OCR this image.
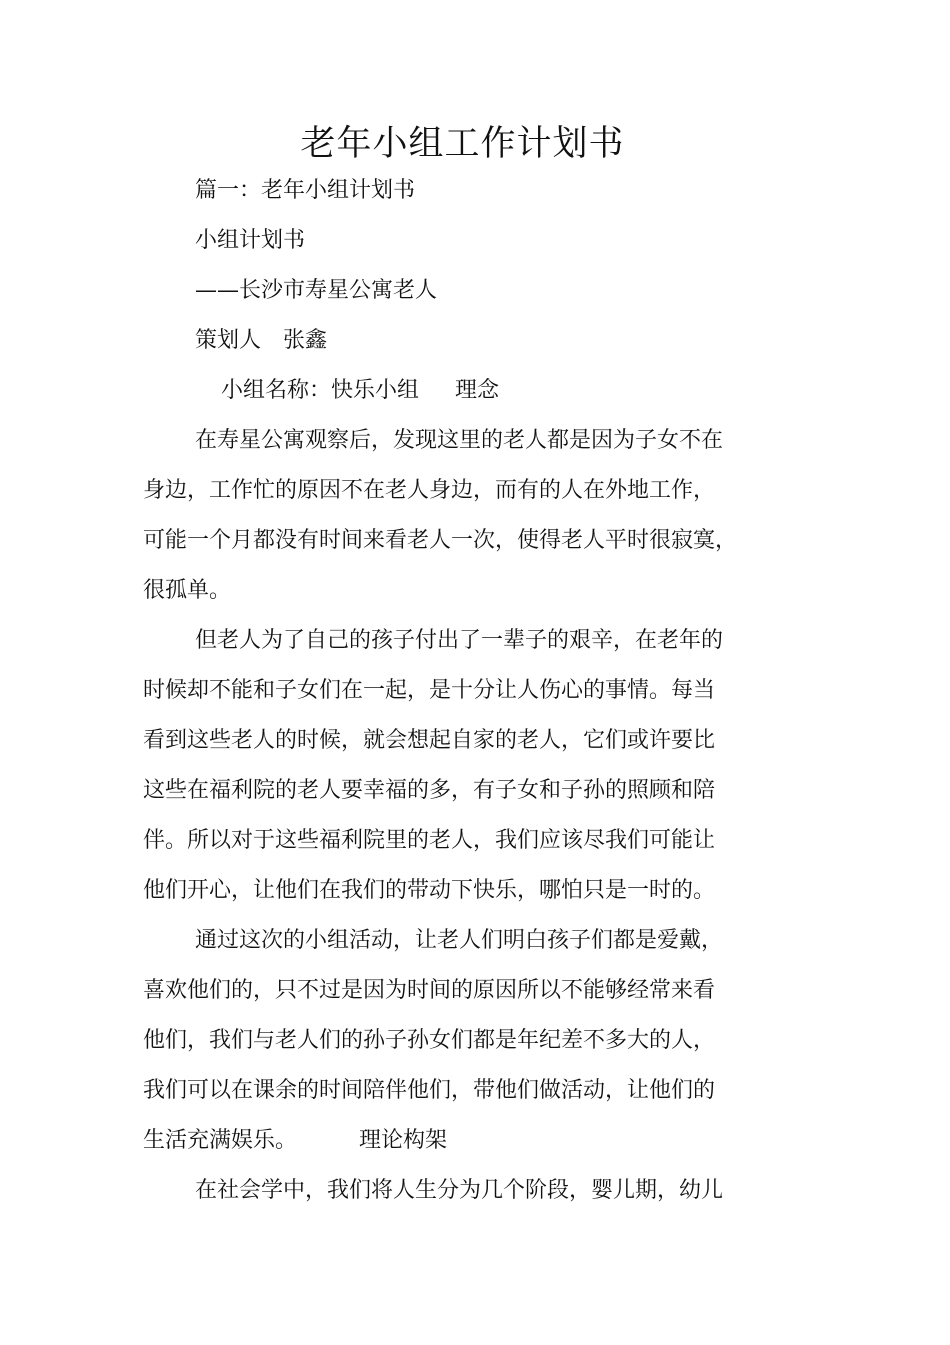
老年小组工作计划书

篇一：老年小组计划书

小组计划书

——长沙市寿星公寓老人

策划人 张鑫

小组名称：快乐小组 理念

在寿星公寓观察后，发现这里的老人都是因为子女不在

身边，工作忙的原因不在老人身边，而有的人在外地工作，

可能一个月都没有时间来看老人一次，使得老人平时很寂寞，

很孤单。

但老人为了自己的孩子付出了一辈子的艰辛，在老年的

时候却不能和子女们在一起，是十分让人伤心的事情。每当

看到这些老人的时候，就会想起自家的老人，它们或许要比

这些在福利院的老人要幸福的多，有子女和子孙的照顾和陪

伴。所以对于这些福利院里的老人，我们应该尽我们可能让

他们开心，让他们在我们的带动下快乐，哪怕只是一时的。

通过这次的小组活动，让老人们明白孩子们都是爱戴，

喜欢他们的，只不过是因为时间的原因所以不能够经常来看

他们，我们与老人们的孙子孙女们都是年纪差不多大的人，

我们可以在课余的时间陪伴他们，带他们做活动，让他们的

生活充满娱乐。	理论构架

在社会学中，我们将人生分为几个阶段，婴儿期，幼儿
